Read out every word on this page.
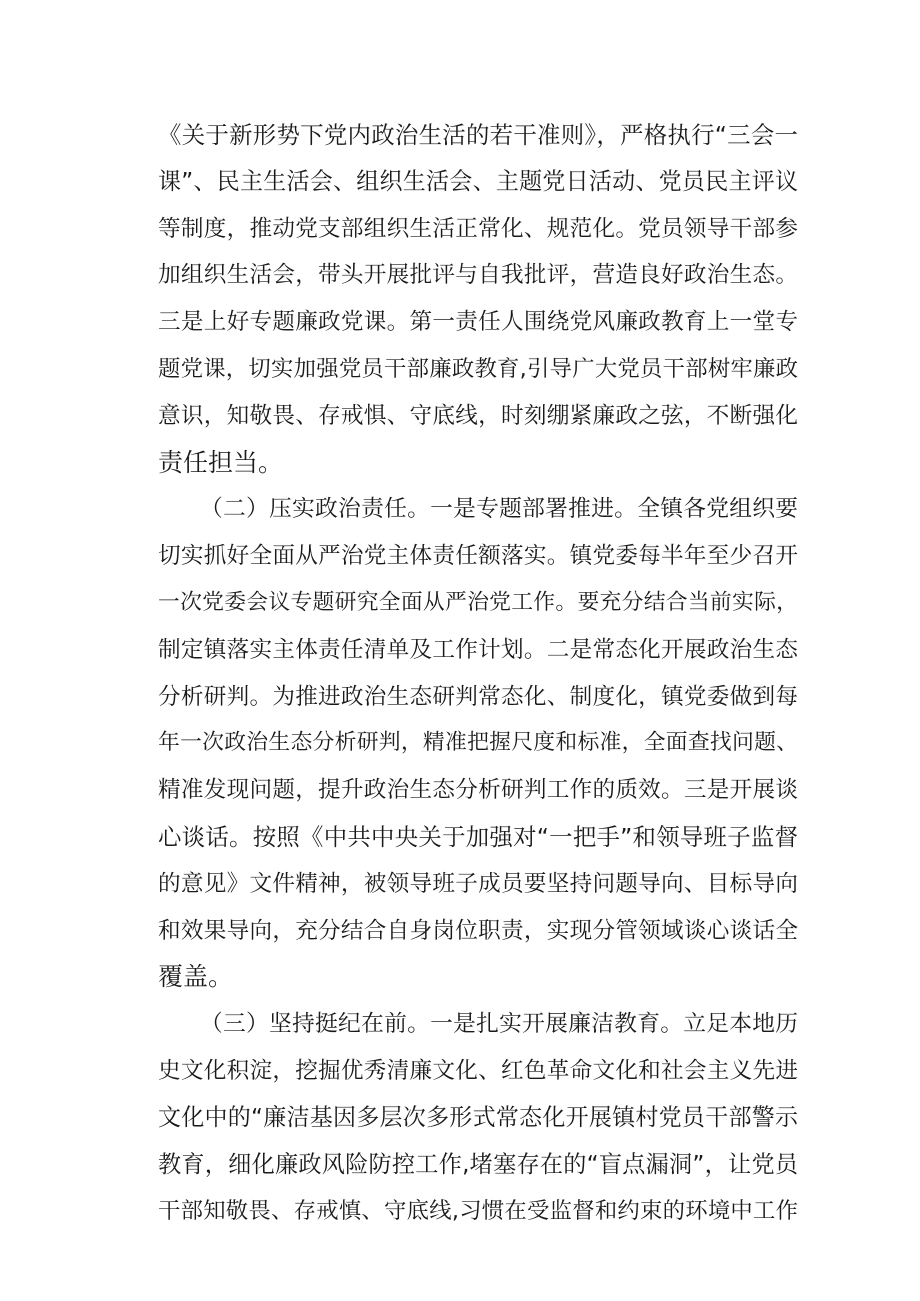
《关于新形势下党内政治生活的若干准则》，严格执行“三会一
课”、民主生活会、组织生活会、主题党日活动、党员民主评议
等制度，推动党支部组织生活正常化、规范化。党员领导干部参
加组织生活会，带头开展批评与自我批评，营造良好政治生态。
三是上好专题廉政党课。第一责任人围绕党风廉政教育上一堂专
题党课，切实加强党员干部廉政教育,引导广大党员干部树牢廉政
意识，知敬畏、存戒惧、守底线，时刻绷紧廉政之弦，不断强化
责任担当。
（二）压实政治责任。一是专题部署推进。全镇各党组织要
切实抓好全面从严治党主体责任额落实。镇党委每半年至少召开
一次党委会议专题研究全面从严治党工作。要充分结合当前实际，
制定镇落实主体责任清单及工作计划。二是常态化开展政治生态
分析研判。为推进政治生态研判常态化、制度化，镇党委做到每
年一次政治生态分析研判，精准把握尺度和标准，全面查找问题、
精准发现问题，提升政治生态分析研判工作的质效。三是开展谈
心谈话。按照《中共中央关于加强对“一把手”和领导班子监督
的意见》文件精神，被领导班子成员要坚持问题导向、目标导向
和效果导向，充分结合自身岗位职责，实现分管领域谈心谈话全
覆盖。
（三）坚持挺纪在前。一是扎实开展廉洁教育。立足本地历
史文化积淀，挖掘优秀清廉文化、红色革命文化和社会主义先进
文化中的“廉洁基因多层次多形式常态化开展镇村党员干部警示
教育，细化廉政风险防控工作,堵塞存在的“盲点漏洞”，让党员
干部知敬畏、存戒慎、守底线,习惯在受监督和约束的环境中工作
